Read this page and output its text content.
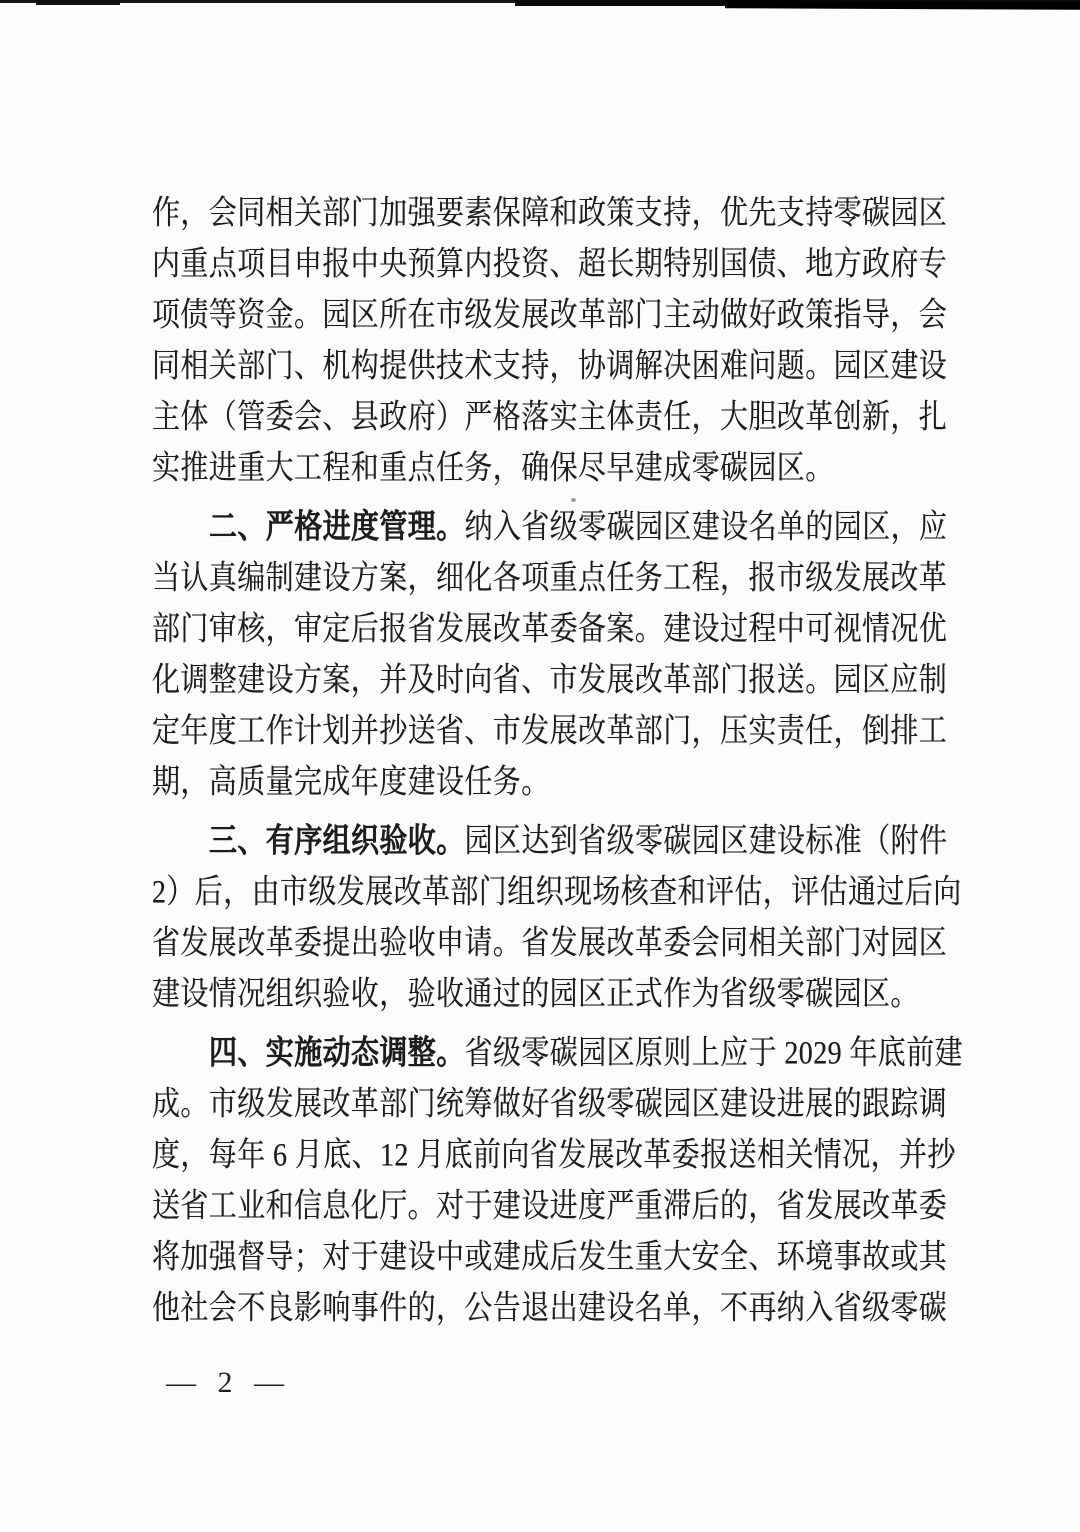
作，会同相关部门加强要素保障和政策支持，优先支持零碳园区
内重点项目申报中央预算内投资、超长期特别国债、地方政府专
项债等资金。园区所在市级发展改革部门主动做好政策指导，会
同相关部门、机构提供技术支持，协调解决困难问题。园区建设
主体（管委会、县政府）严格落实主体责任，大胆改革创新，扎
实推进重大工程和重点任务，确保尽早建成零碳园区。
二、严格进度管理。纳入省级零碳园区建设名单的园区，应
当认真编制建设方案，细化各项重点任务工程，报市级发展改革
部门审核，审定后报省发展改革委备案。建设过程中可视情况优
化调整建设方案，并及时向省、市发展改革部门报送。园区应制
定年度工作计划并抄送省、市发展改革部门，压实责任，倒排工
期，高质量完成年度建设任务。
三、有序组织验收。园区达到省级零碳园区建设标准（附件
2）后，由市级发展改革部门组织现场核查和评估，评估通过后向
省发展改革委提出验收申请。省发展改革委会同相关部门对园区
建设情况组织验收，验收通过的园区正式作为省级零碳园区。
四、实施动态调整。省级零碳园区原则上应于 2029 年底前建
成。市级发展改革部门统筹做好省级零碳园区建设进展的跟踪调
度，每年 6 月底、12 月底前向省发展改革委报送相关情况，并抄
送省工业和信息化厅。对于建设进度严重滞后的，省发展改革委
将加强督导；对于建设中或建成后发生重大安全、环境事故或其
他社会不良影响事件的，公告退出建设名单，不再纳入省级零碳
— 2 —
